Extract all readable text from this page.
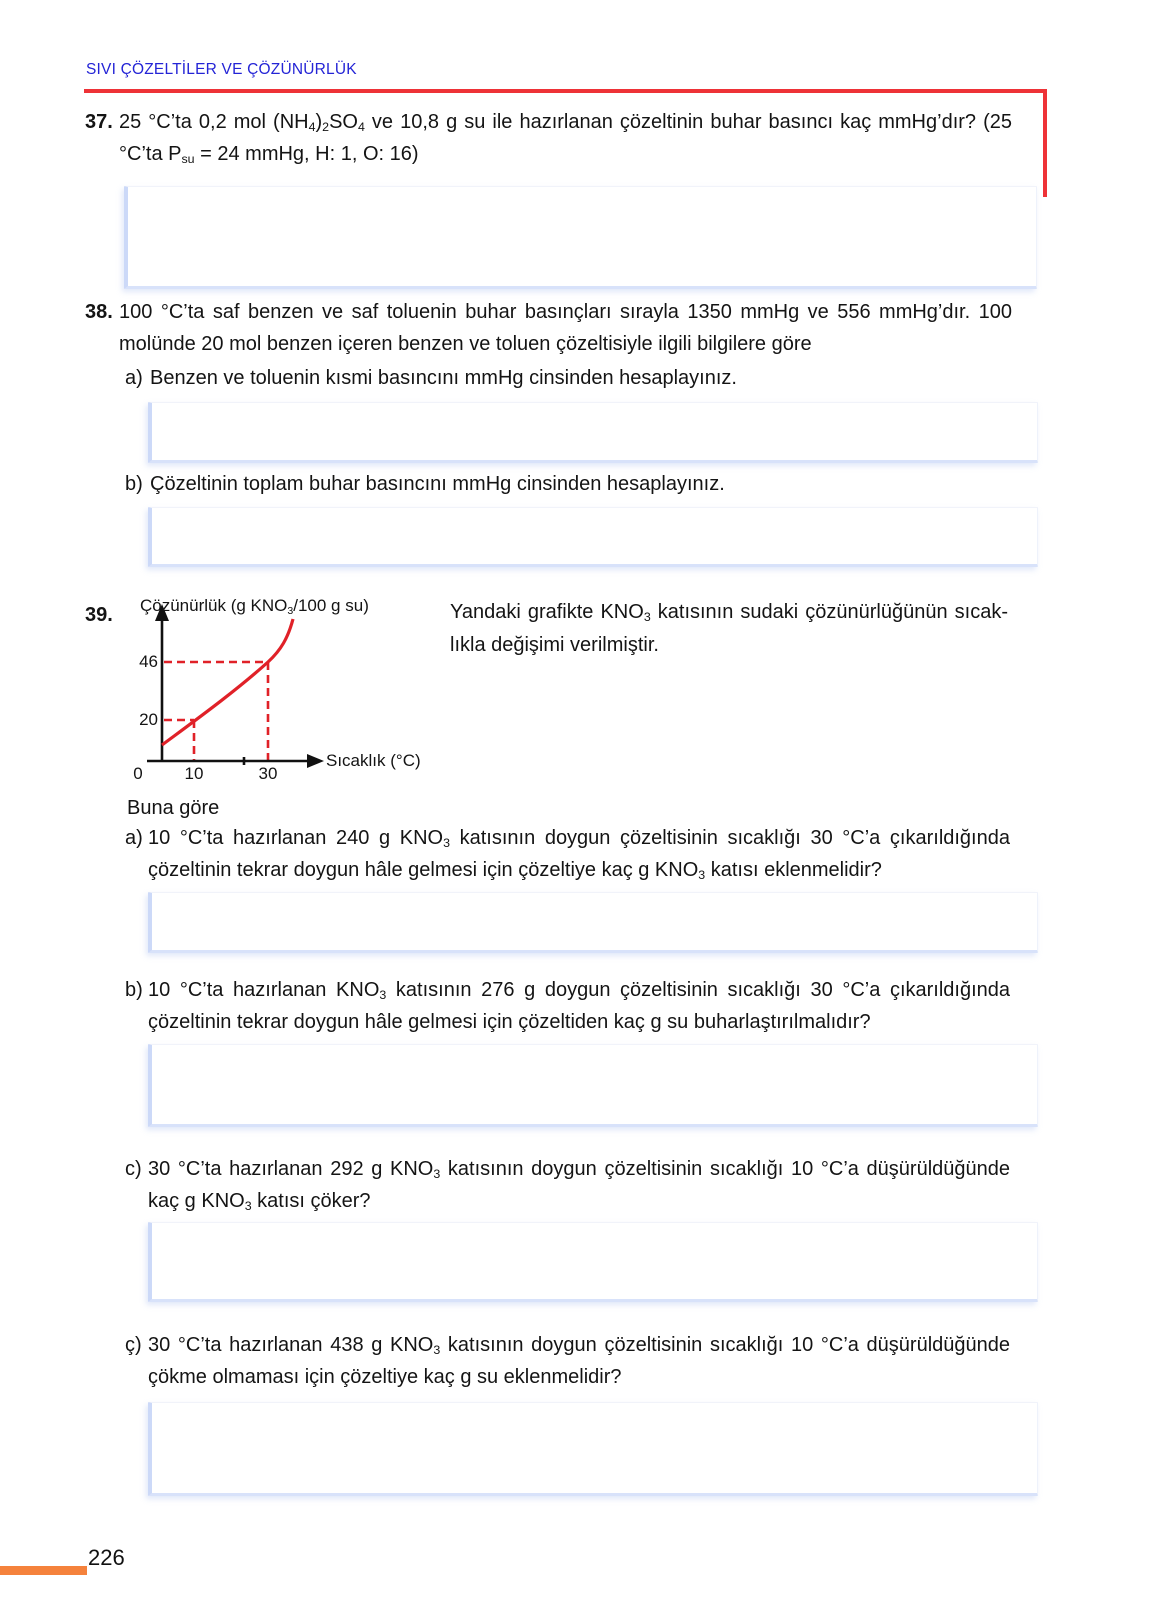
SIVI ÇÖZELTİLER VE ÇÖZÜNÜRLÜK
37. 25 °C’ta 0,2 mol $(NH_4)_2SO_4$ ve 10,8 g su ile hazırlanan çözeltinin buhar basıncı kaç mmHg’dır? (25
°C’ta $P_{su} = 24$ mmHg, H: 1, O: 16)
38. 100 °C’ta saf benzen ve saf toluenin buhar basınçları sırayla 1350 mmHg ve 556 mmHg’dır. 100
molünde 20 mol benzen içeren benzen ve toluen çözeltisiyle ilgili bilgilere göre
a) Benzen ve toluenin kısmi basıncını mmHg cinsinden hesaplayınız.
b) Çözeltinin toplam buhar basıncını mmHg cinsinden hesaplayınız.
39. Çözünürlük (g $KNO_3/100$ g su)
46
20
0 10	30
Sıcaklık (°C)
Yandaki grafikte $KNO_3$ katısının sudaki çözünürlüğünün sıcak-
lıkla değişimi verilmiştir.
Buna göre
a) 10 °C’ta hazırlanan 240 g $KNO_3$ katısının doygun çözeltisinin sıcaklığı 30 °C’a çıkarıldığında
çözeltinin tekrar doygun hâle gelmesi için çözeltiye kaç g $KNO_3$ katısı eklenmelidir?
b) 10 °C’ta hazırlanan $KNO_3$ katısının 276 g doygun çözeltisinin sıcaklığı 30 °C’a çıkarıldığında
çözeltinin tekrar doygun hâle gelmesi için çözeltiden kaç g su buharlaştırılmalıdır?
c) 30 °C’ta hazırlanan 292 g $KNO_3$ katısının doygun çözeltisinin sıcaklığı 10 °C’a düşürüldüğünde
kaç g $KNO_3$ katısı çöker?
ç) 30 °C’ta hazırlanan 438 g $KNO_3$ katısının doygun çözeltisinin sıcaklığı 10 °C’a düşürüldüğünde
çökme olmaması için çözeltiye kaç g su eklenmelidir?
226
